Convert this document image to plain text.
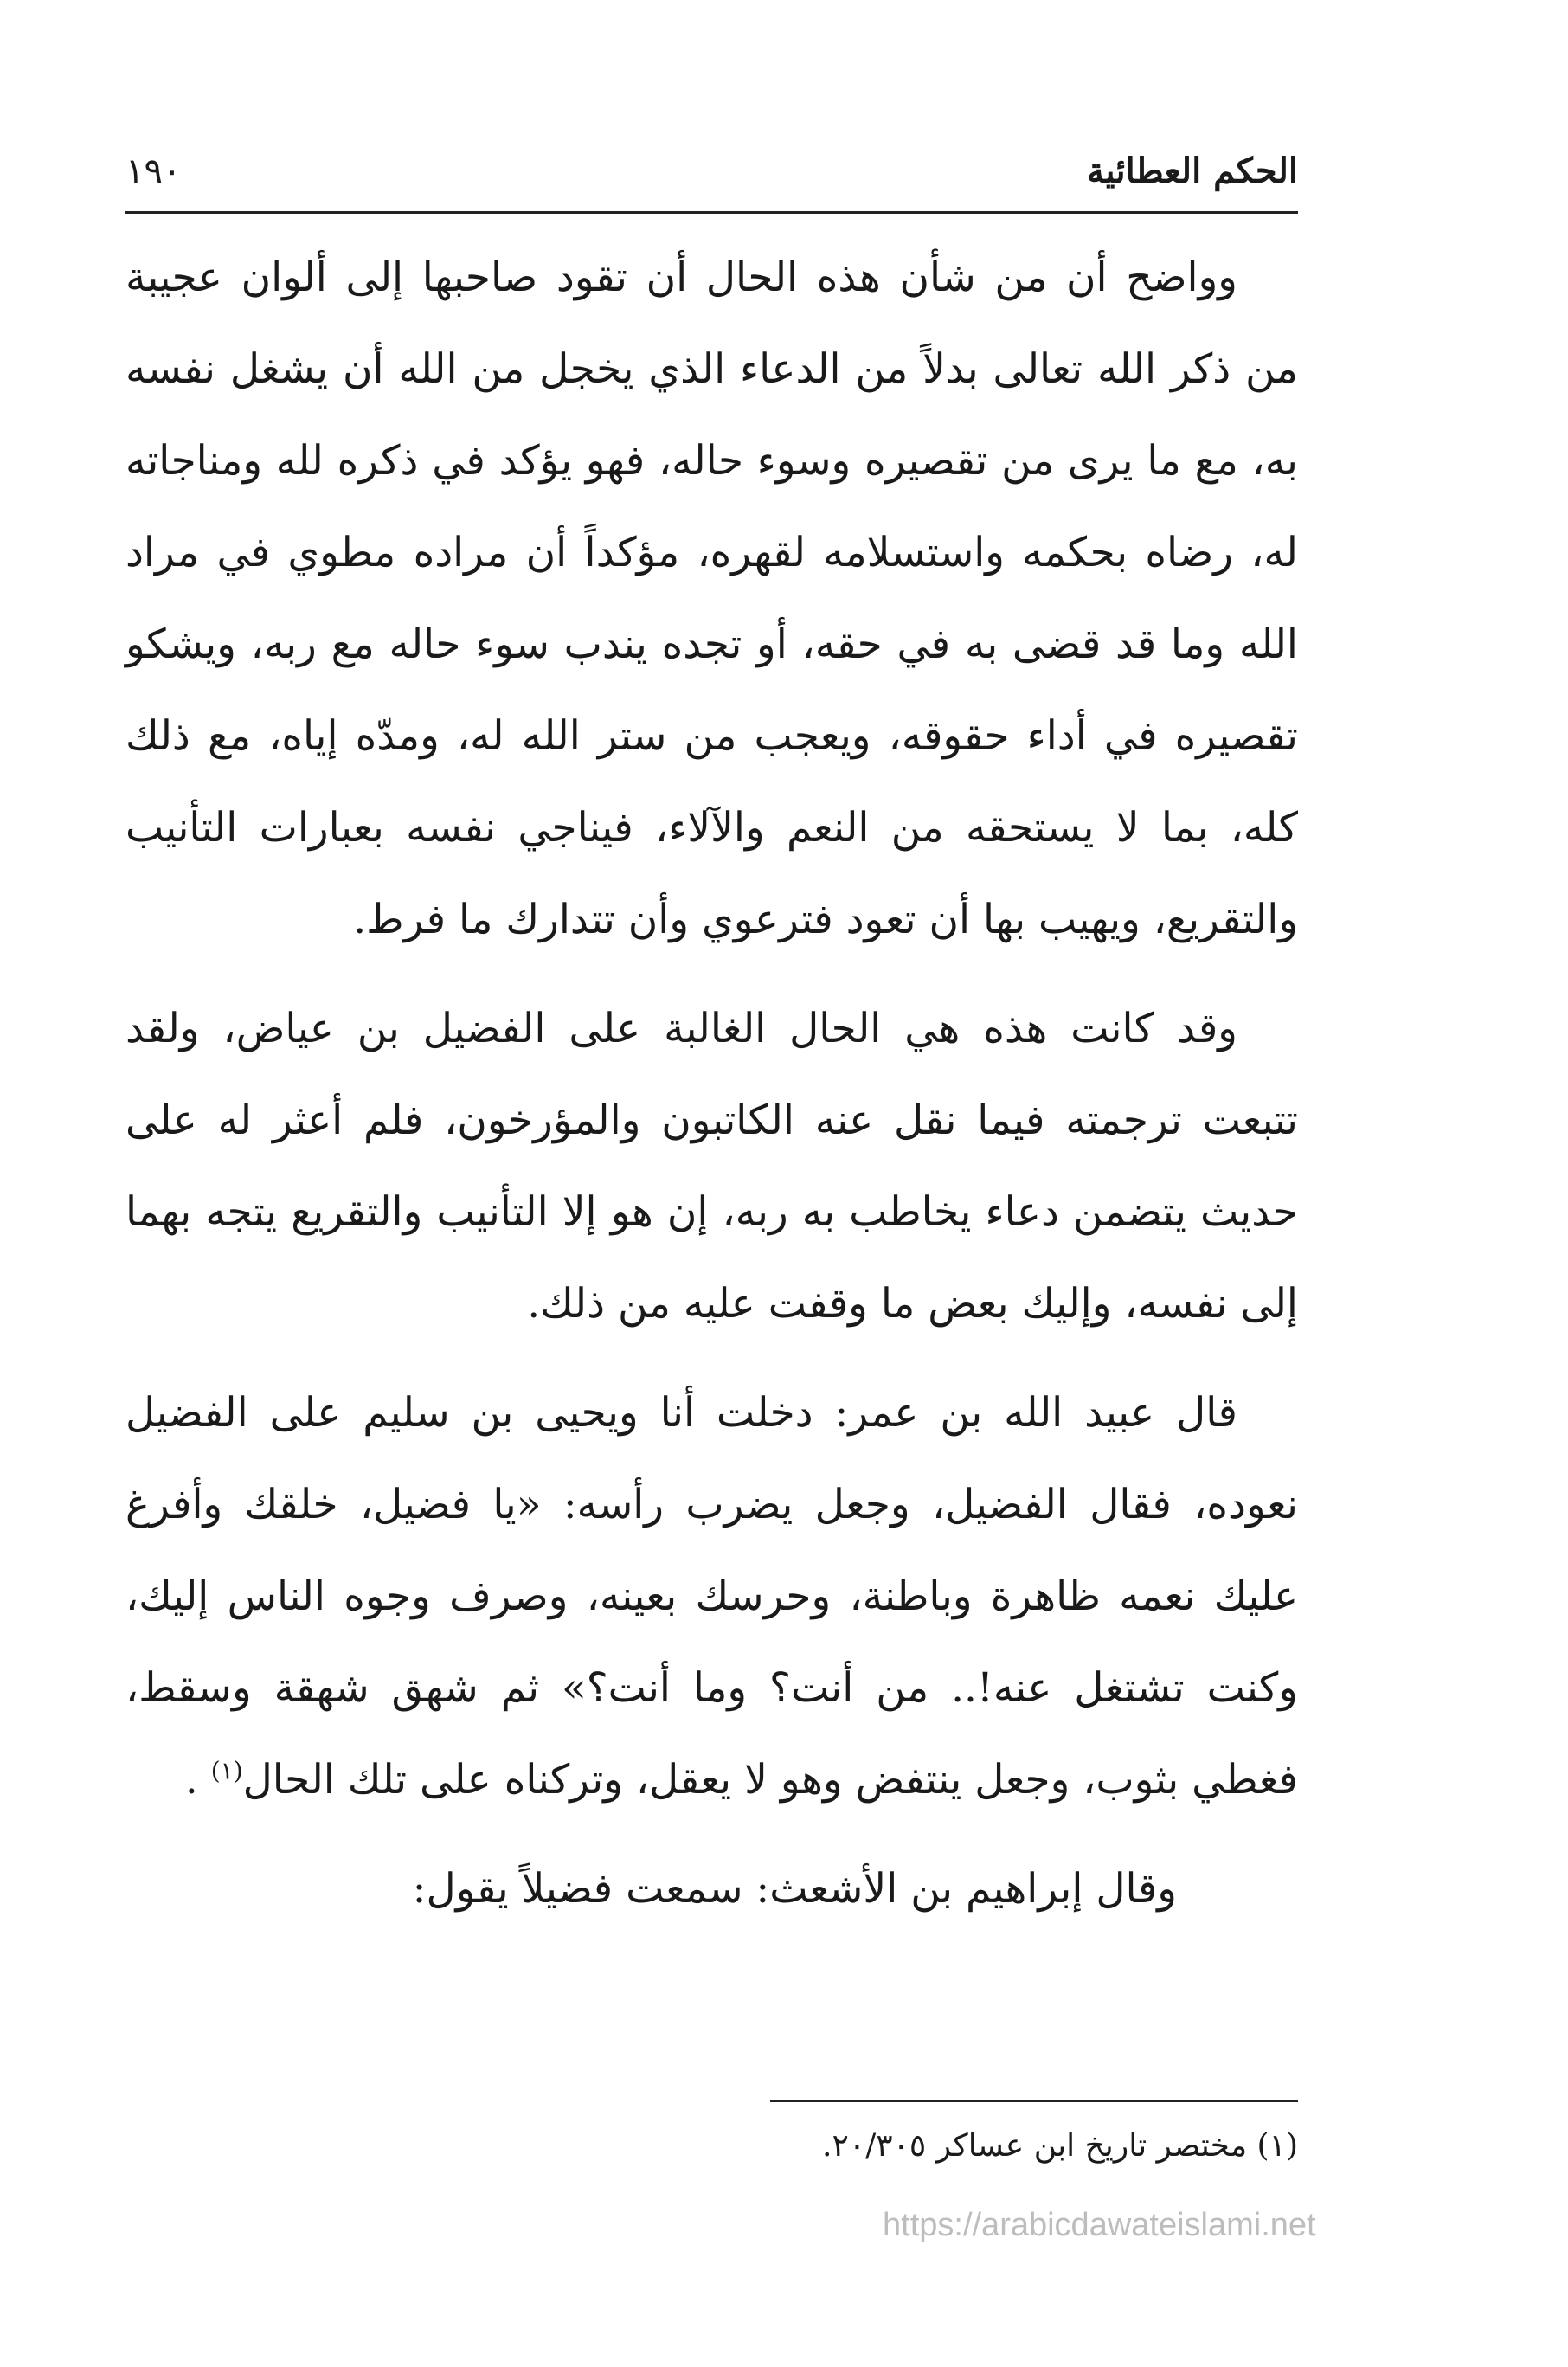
الحكم العطائية
١٩٠

وواضح أن من شأن هذه الحال أن تقود صاحبها إلى ألوان عجيبة من ذكر الله تعالى بدلاً من الدعاء الذي يخجل من الله أن يشغل نفسه به، مع ما يرى من تقصيره وسوء حاله، فهو يؤكد في ذكره لله ومناجاته له، رضاه بحكمه واستسلامه لقهره، مؤكداً أن مراده مطوي في مراد الله وما قد قضى به في حقه، أو تجده يندب سوء حاله مع ربه، ويشكو تقصيره في أداء حقوقه، ويعجب من ستر الله له، ومدّه إياه، مع ذلك كله، بما لا يستحقه من النعم والآلاء، فيناجي نفسه بعبارات التأنيب والتقريع، ويهيب بها أن تعود فترعوي وأن تتدارك ما فرط.

وقد كانت هذه هي الحال الغالبة على الفضيل بن عياض، ولقد تتبعت ترجمته فيما نقل عنه الكاتبون والمؤرخون، فلم أعثر له على حديث يتضمن دعاء يخاطب به ربه، إن هو إلا التأنيب والتقريع يتجه بهما إلى نفسه، وإليك بعض ما وقفت عليه من ذلك.

قال عبيد الله بن عمر: دخلت أنا ويحيى بن سليم على الفضيل نعوده، فقال الفضيل، وجعل يضرب رأسه: «يا فضيل، خلقك وأفرغ عليك نعمه ظاهرة وباطنة، وحرسك بعينه، وصرف وجوه الناس إليك، وكنت تشتغل عنه!.. من أنت؟ وما أنت؟» ثم شهق شهقة وسقط، فغطي بثوب، وجعل ينتفض وهو لا يعقل، وتركناه على تلك الحال$^{(١)}$ .

وقال إبراهيم بن الأشعث: سمعت فضيلاً يقول:

(١) مختصر تاريخ ابن عساكر ٢٠/٣٠٥.
https://arabicdawateislami.net
